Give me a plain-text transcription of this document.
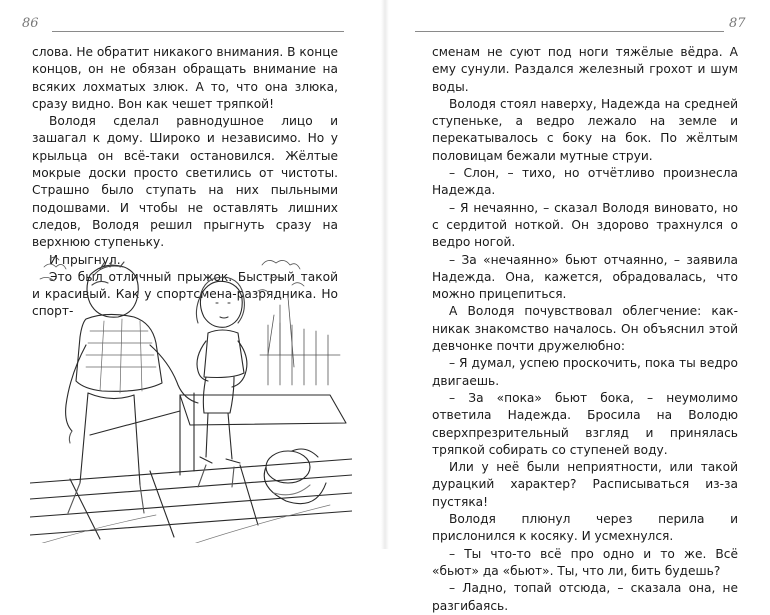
86

слова. Не обратит никакого внимания. В конце концов, он не обязан обращать внимание на всяких лохматых злюк. А то, что она злюка, сразу видно. Вон как чешет тряпкой!

Володя сделал равнодушное лицо и зашагал к дому. Широко и независимо. Но у крыльца он всё-таки остановился. Жёлтые мокрые доски просто светились от чистоты. Страшно было ступать на них пыльными подошвами. И чтобы не оставлять лишних следов, Володя решил прыгнуть сразу на верхнюю ступеньку.

И прыгнул.

Это был отличный прыжок. Быстрый такой и красивый. Как у спортсмена-разрядника. Но спорт-

87

сменам не суют под ноги тяжёлые вёдра. А ему сунули. Раздался железный грохот и шум воды.

Володя стоял наверху, Надежда на средней ступеньке, а ведро лежало на земле и перекатывалось с боку на бок. По жёлтым половицам бежали мутные струи.

– Слон, – тихо, но отчётливо произнесла Надежда.

– Я нечаянно, – сказал Володя виновато, но с сердитой ноткой. Он здорово трахнулся о ведро ногой.

– За «нечаянно» бьют отчаянно, – заявила Надежда. Она, кажется, обрадовалась, что можно прицепиться.

А Володя почувствовал облегчение: как-никак знакомство началось. Он объяснил этой девчонке почти дружелюбно:

– Я думал, успею проскочить, пока ты ведро двигаешь.

– За «пока» бьют бока, – неумолимо ответила Надежда. Бросила на Володю сверхпрезрительный взгляд и принялась тряпкой собирать со ступеней воду.

Или у неё были неприятности, или такой дурацкий характер? Расписываться из-за пустяка!

Володя плюнул через перила и прислонился к косяку. И усмехнулся.

– Ты что-то всё про одно и то же. Всё «бьют» да «бьют». Ты, что ли, бить будешь?

– Ладно, топай отсюда, – сказала она, не разгибаясь.
